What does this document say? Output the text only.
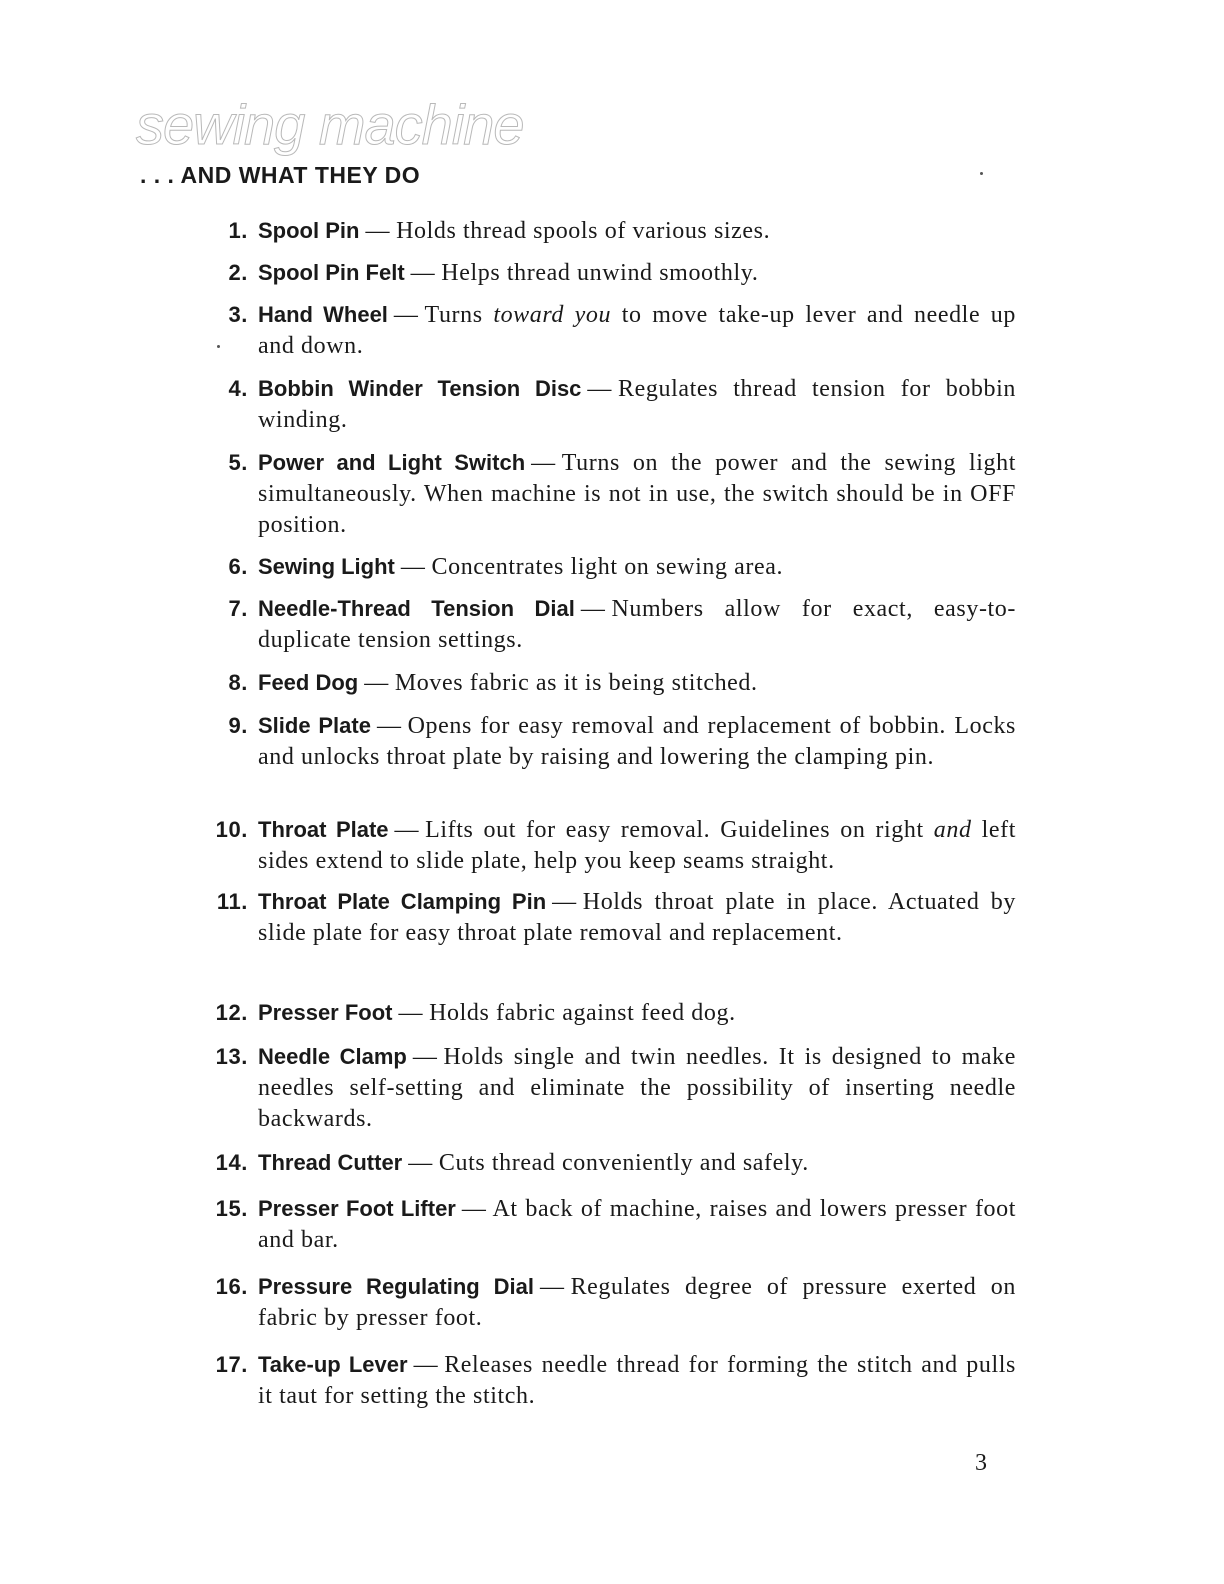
sewing machine
. . . AND WHAT THEY DO
1. Spool Pin — Holds thread spools of various sizes.
2. Spool Pin Felt — Helps thread unwind smoothly.
3. Hand Wheel — Turns toward you to move take-up lever and needle up and down.
4. Bobbin Winder Tension Disc — Regulates thread tension for bobbin winding.
5. Power and Light Switch — Turns on the power and the sewing light simultaneously. When machine is not in use, the switch should be in OFF position.
6. Sewing Light — Concentrates light on sewing area.
7. Needle-Thread Tension Dial — Numbers allow for exact, easy-to-duplicate tension settings.
8. Feed Dog — Moves fabric as it is being stitched.
9. Slide Plate — Opens for easy removal and replacement of bobbin. Locks and unlocks throat plate by raising and lowering the clamping pin.
10. Throat Plate — Lifts out for easy removal. Guidelines on right and left sides extend to slide plate, help you keep seams straight.
11. Throat Plate Clamping Pin — Holds throat plate in place. Actuated by slide plate for easy throat plate removal and replacement.
12. Presser Foot — Holds fabric against feed dog.
13. Needle Clamp — Holds single and twin needles. It is designed to make needles self-setting and eliminate the possibility of inserting needle backwards.
14. Thread Cutter — Cuts thread conveniently and safely.
15. Presser Foot Lifter — At back of machine, raises and lowers presser foot and bar.
16. Pressure Regulating Dial — Regulates degree of pressure exerted on fabric by presser foot.
17. Take-up Lever — Releases needle thread for forming the stitch and pulls it taut for setting the stitch.
3
